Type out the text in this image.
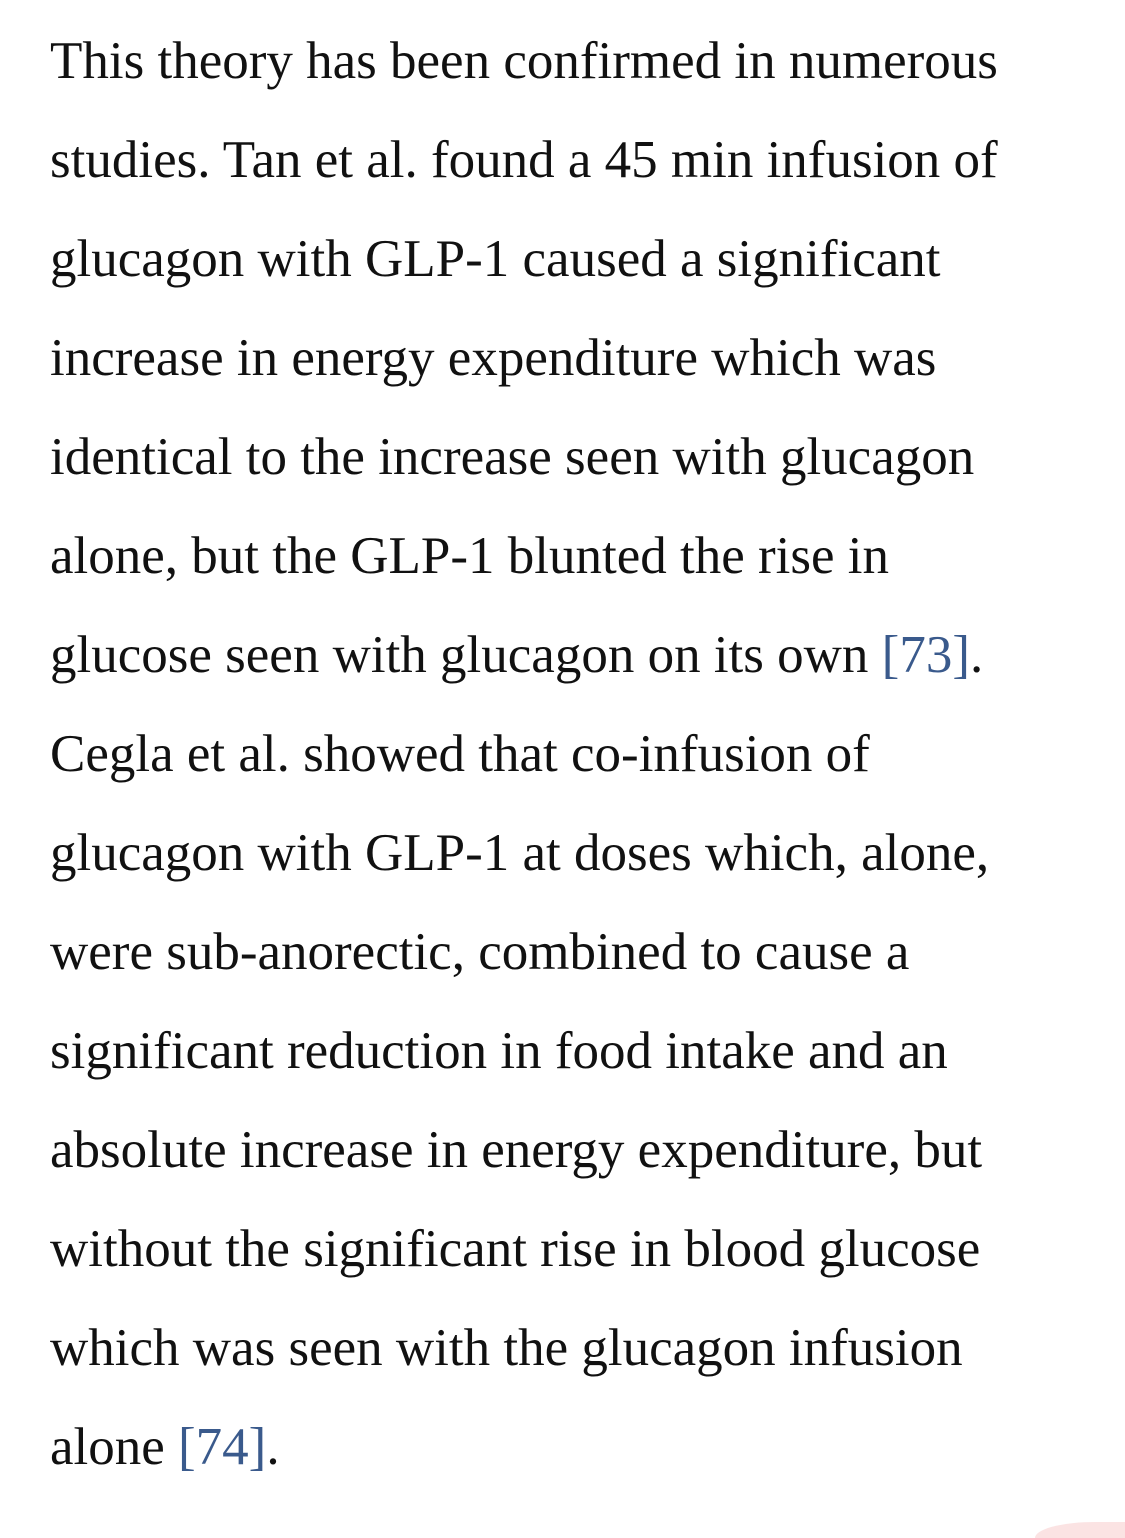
This theory has been confirmed in numerous
studies. Tan et al. found a 45 min infusion of
glucagon with GLP-1 caused a significant
increase in energy expenditure which was
identical to the increase seen with glucagon
alone, but the GLP-1 blunted the rise in
glucose seen with glucagon on its own [73].
Cegla et al. showed that co-infusion of
glucagon with GLP-1 at doses which, alone,
were sub-anorectic, combined to cause a
significant reduction in food intake and an
absolute increase in energy expenditure, but
without the significant rise in blood glucose
which was seen with the glucagon infusion
alone [74].
